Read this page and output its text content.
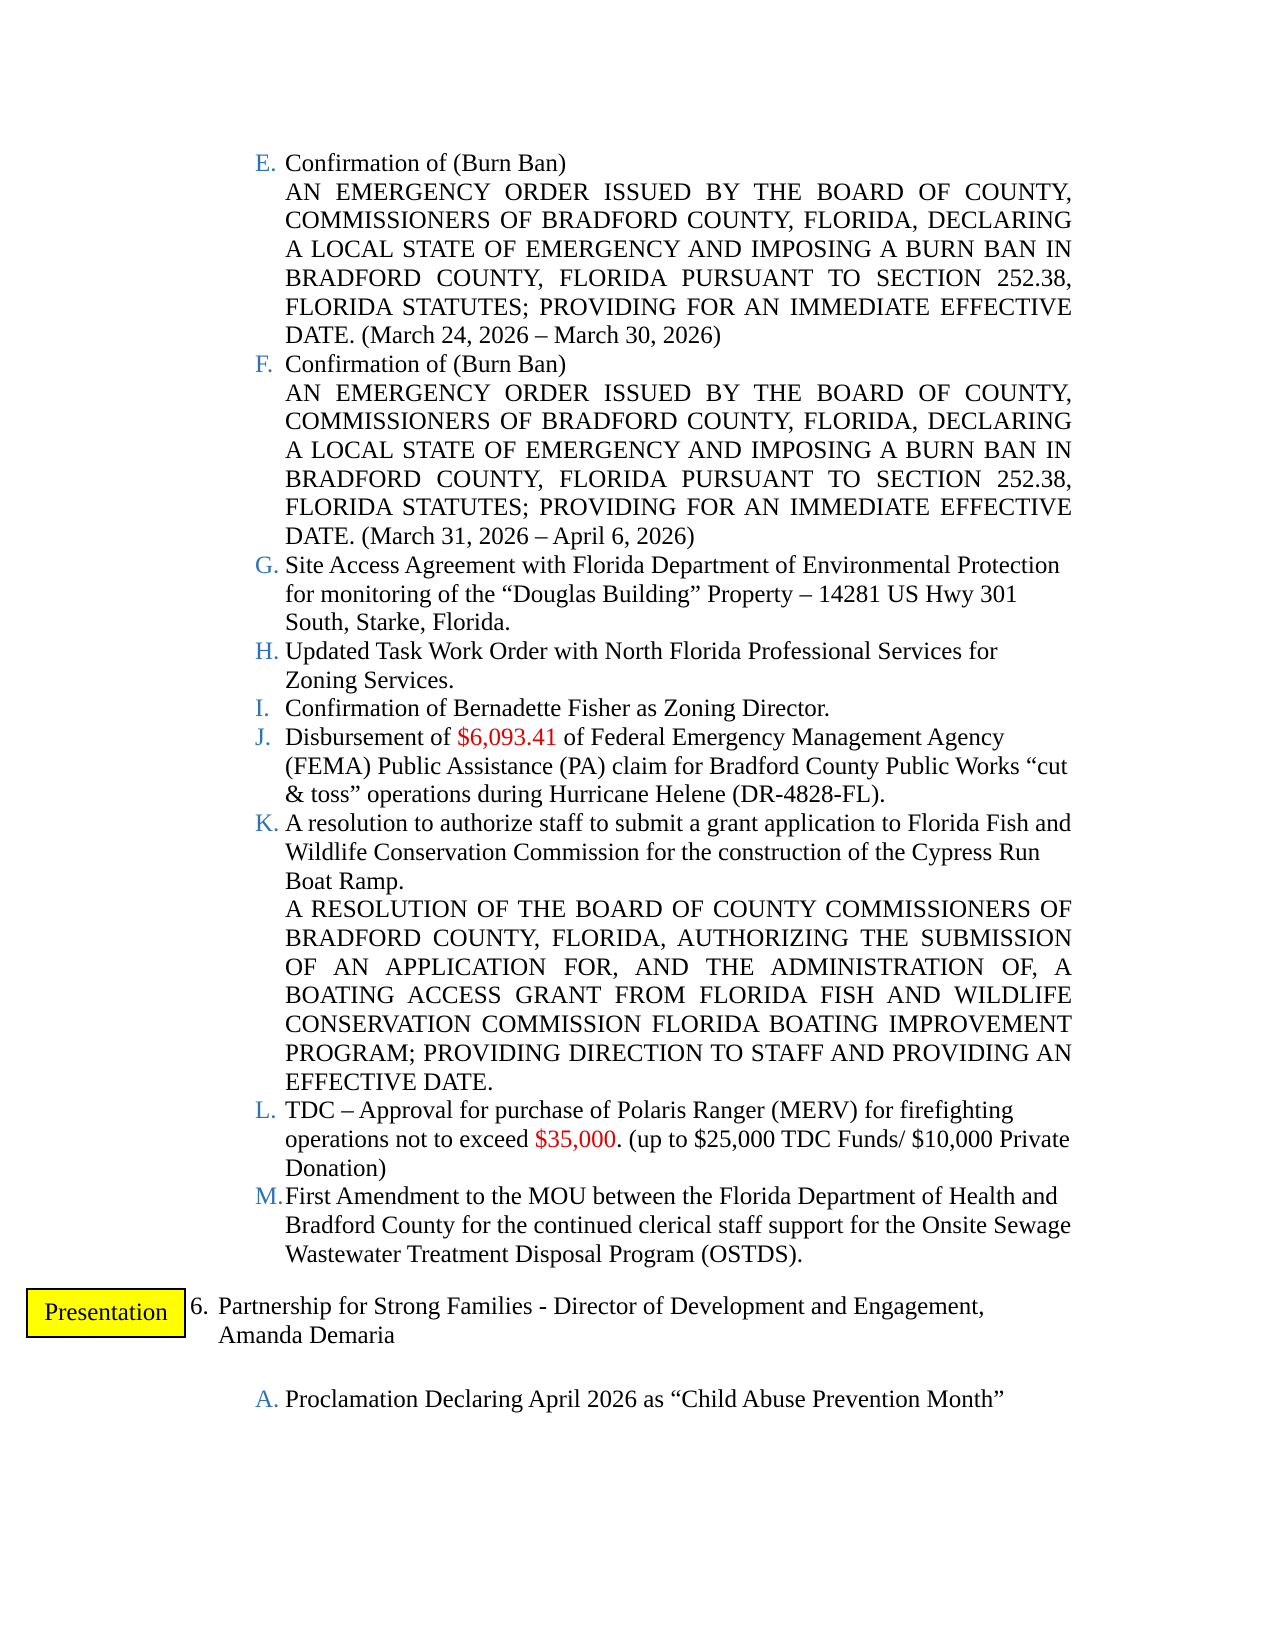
E. Confirmation of (Burn Ban)
AN EMERGENCY ORDER ISSUED BY THE BOARD OF COUNTY, COMMISSIONERS OF BRADFORD COUNTY, FLORIDA, DECLARING A LOCAL STATE OF EMERGENCY AND IMPOSING A BURN BAN IN BRADFORD COUNTY, FLORIDA PURSUANT TO SECTION 252.38, FLORIDA STATUTES; PROVIDING FOR AN IMMEDIATE EFFECTIVE DATE. (March 24, 2026 – March 30, 2026)
F. Confirmation of (Burn Ban)
AN EMERGENCY ORDER ISSUED BY THE BOARD OF COUNTY, COMMISSIONERS OF BRADFORD COUNTY, FLORIDA, DECLARING A LOCAL STATE OF EMERGENCY AND IMPOSING A BURN BAN IN BRADFORD COUNTY, FLORIDA PURSUANT TO SECTION 252.38, FLORIDA STATUTES; PROVIDING FOR AN IMMEDIATE EFFECTIVE DATE. (March 31, 2026 – April 6, 2026)
G. Site Access Agreement with Florida Department of Environmental Protection for monitoring of the “Douglas Building” Property – 14281 US Hwy 301 South, Starke, Florida.
H. Updated Task Work Order with North Florida Professional Services for Zoning Services.
I. Confirmation of Bernadette Fisher as Zoning Director.
J. Disbursement of $6,093.41 of Federal Emergency Management Agency (FEMA) Public Assistance (PA) claim for Bradford County Public Works “cut & toss” operations during Hurricane Helene (DR-4828-FL).
K. A resolution to authorize staff to submit a grant application to Florida Fish and Wildlife Conservation Commission for the construction of the Cypress Run Boat Ramp.
A RESOLUTION OF THE BOARD OF COUNTY COMMISSIONERS OF BRADFORD COUNTY, FLORIDA, AUTHORIZING THE SUBMISSION OF AN APPLICATION FOR, AND THE ADMINISTRATION OF, A BOATING ACCESS GRANT FROM FLORIDA FISH AND WILDLIFE CONSERVATION COMMISSION FLORIDA BOATING IMPROVEMENT PROGRAM; PROVIDING DIRECTION TO STAFF AND PROVIDING AN EFFECTIVE DATE.
L. TDC – Approval for purchase of Polaris Ranger (MERV) for firefighting operations not to exceed $35,000. (up to $25,000 TDC Funds/ $10,000 Private Donation)
M. First Amendment to the MOU between the Florida Department of Health and Bradford County for the continued clerical staff support for the Onsite Sewage Wastewater Treatment Disposal Program (OSTDS).
Presentation 6. Partnership for Strong Families - Director of Development and Engagement, Amanda Demaria
A. Proclamation Declaring April 2026 as “Child Abuse Prevention Month”
